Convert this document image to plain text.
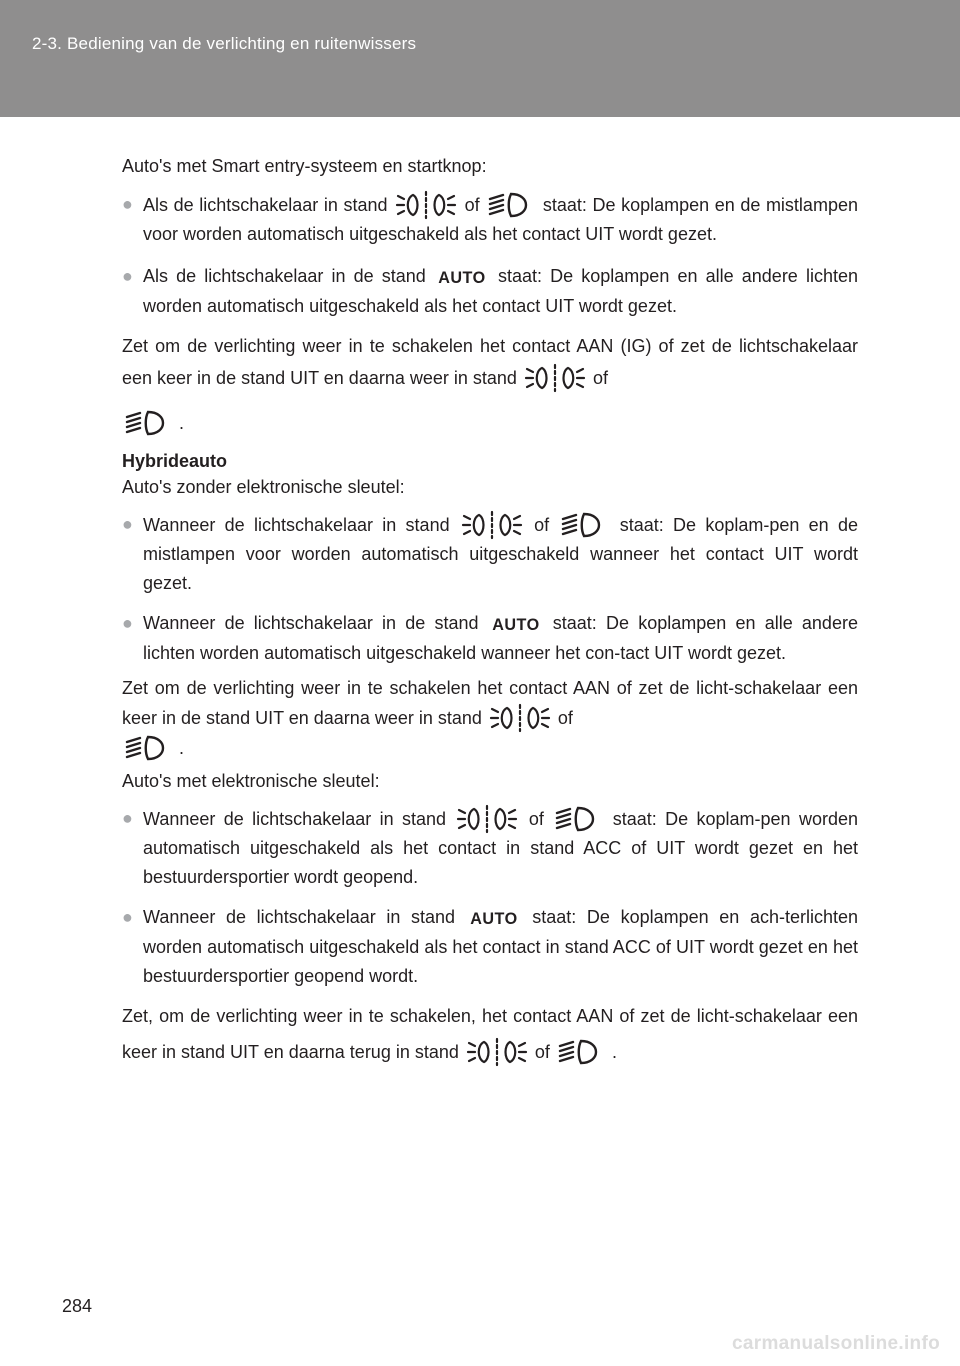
2-3. Bediening van de verlichting en ruitenwissers

Auto's met Smart entry-systeem en startknop:

● Als de lichtschakelaar in stand	of	staat: De koplampen en de mistlampen voor worden automatisch uitgeschakeld als het contact UIT wordt gezet.
● Als de lichtschakelaar in de stand AUTO staat: De koplampen en alle andere lichten worden automatisch uitgeschakeld als het contact UIT wordt gezet.
Zet om de verlichting weer in te schakelen het contact AAN (IG) of zet de lichtschakelaar een keer in de stand UIT en daarna weer in stand	of

.

Hybrideauto

Auto's zonder elektronische sleutel:

● Wanneer de lichtschakelaar in stand	of	staat: De koplam-pen en de mistlampen voor worden automatisch uitgeschakeld wanneer het contact UIT wordt gezet.
● Wanneer de lichtschakelaar in de stand AUTO staat: De koplampen en alle andere lichten worden automatisch uitgeschakeld wanneer het con-tact UIT wordt gezet.
Zet om de verlichting weer in te schakelen het contact AAN of zet de licht-schakelaar een keer in de stand UIT en daarna weer in stand	of

.

Auto's met elektronische sleutel:

● Wanneer de lichtschakelaar in stand	of	staat: De koplam-pen worden automatisch uitgeschakeld als het contact in stand ACC of UIT wordt gezet en het bestuurdersportier wordt geopend.
● Wanneer de lichtschakelaar in stand AUTO staat: De koplampen en ach-terlichten worden automatisch uitgeschakeld als het contact in stand ACC of UIT wordt gezet en het bestuurdersportier geopend wordt.
Zet, om de verlichting weer in te schakelen, het contact AAN of zet de licht-schakelaar een keer in stand UIT en daarna terug in stand	of	.
284
carmanualsonline.info
